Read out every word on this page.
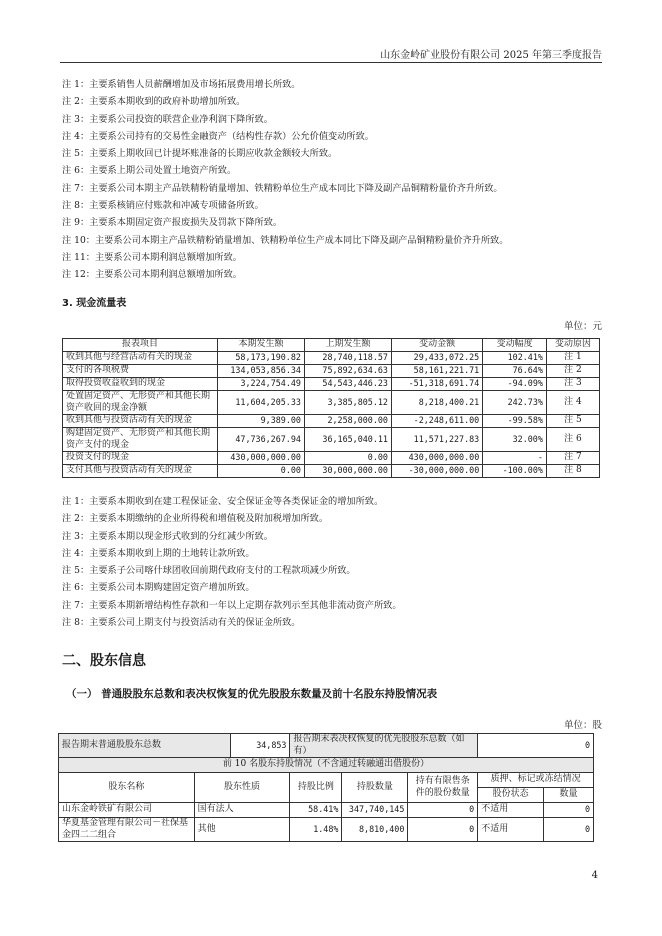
山东金岭矿业股份有限公司 2025 年第三季度报告
注 1：主要系销售人员薪酬增加及市场拓展费用增长所致。
注 2：主要系本期收到的政府补助增加所致。
注 3：主要系公司投资的联营企业净利润下降所致。
注 4：主要系公司持有的交易性金融资产（结构性存款）公允价值变动所致。
注 5：主要系上期收回已计提坏账准备的长期应收款金额较大所致。
注 6：主要系上期公司处置土地资产所致。
注 7：主要系公司本期主产品铁精粉销量增加、铁精粉单位生产成本同比下降及副产品铜精粉量价齐升所致。
注 8：主要系核销应付账款和冲减专项储备所致。
注 9：主要系本期固定资产报废损失及罚款下降所致。
注 10：主要系公司本期主产品铁精粉销量增加、铁精粉单位生产成本同比下降及副产品铜精粉量价齐升所致。
注 11：主要系公司本期利润总额增加所致。
注 12：主要系公司本期利润总额增加所致。
3. 现金流量表
单位：元
报表项目	本期发生额	上期发生额	变动金额	变动幅度	变动原因
收到其他与经营活动有关的现金	58,173,190.82	28,740,118.57	29,433,072.25	102.41%	注 1
支付的各项税费	134,053,856.34	75,892,634.63	58,161,221.71	76.64%	注 2
取得投资收益收到的现金	3,224,754.49	54,543,446.23	-51,318,691.74	-94.09%	注 3
处置固定资产、无形资产和其他长期资产收回的现金净额	11,604,205.33	3,385,805.12	8,218,400.21	242.73%	注 4
收到其他与投资活动有关的现金	9,389.00	2,258,000.00	-2,248,611.00	-99.58%	注 5
购建固定资产、无形资产和其他长期资产支付的现金	47,736,267.94	36,165,040.11	11,571,227.83	32.00%	注 6
投资支付的现金	430,000,000.00	0.00	430,000,000.00	-	注 7
支付其他与投资活动有关的现金	0.00	30,000,000.00	-30,000,000.00	-100.00%	注 8
注 1：主要系本期收到在建工程保证金、安全保证金等各类保证金的增加所致。
注 2：主要系本期缴纳的企业所得税和增值税及附加税增加所致。
注 3：主要系本期以现金形式收到的分红减少所致。
注 4：主要系本期收到上期的土地转让款所致。
注 5：主要系子公司喀什球团收回前期代政府支付的工程款项减少所致。
注 6：主要系公司本期购建固定资产增加所致。
注 7：主要系本期新增结构性存款和一年以上定期存款列示至其他非流动资产所致。
注 8：主要系公司上期支付与投资活动有关的保证金所致。
二、股东信息
（一） 普通股股东总数和表决权恢复的优先股股东数量及前十名股东持股情况表
单位：股
报告期末普通股股东总数		34,853	报告期末表决权恢复的优先股股东总数（如有）			0	
前 10 名股东持股情况（不含通过转融通出借股份）							
股东名称	股东性质		持股比例	持股数量	持有有限售条件的股份数量	质押、标记或冻结情况	
						股份状态	数量
山东金岭铁矿有限公司	国有法人		58.41%	347,740,145	0	不适用	0
华夏基金管理有限公司－社保基金四二二组合	其他		1.48%	8,810,400	0	不适用	0
4
